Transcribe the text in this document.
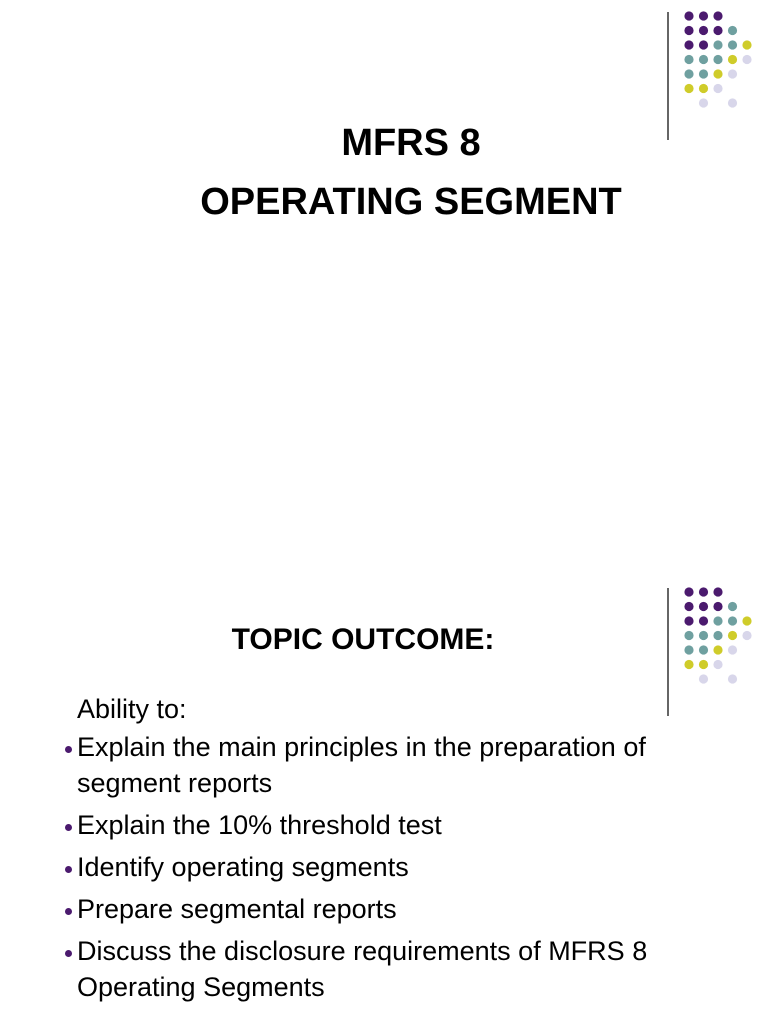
MFRS 8
OPERATING SEGMENT
TOPIC OUTCOME:

Ability to:

Explain the main principles in the preparation of segment reports
Explain the 10% threshold test
Identify operating segments
Prepare segmental reports
Discuss the disclosure requirements of MFRS 8 Operating Segments
